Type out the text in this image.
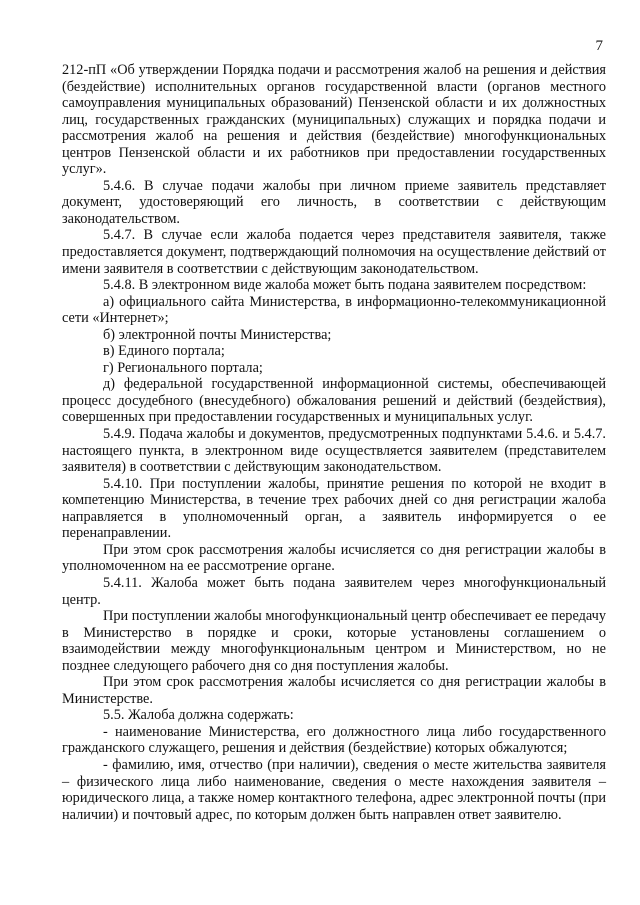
7

212-пП «Об утверждении Порядка подачи и рассмотрения жалоб на решения и действия (бездействие) исполнительных органов государственной власти (органов местного самоуправления муниципальных образований) Пензенской области и их должностных лиц, государственных гражданских (муниципальных) служащих и порядка подачи и рассмотрения жалоб на решения и действия (бездействие) многофункциональных центров Пензенской области и их работников при предоставлении государственных услуг».

5.4.6. В случае подачи жалобы при личном приеме заявитель представляет документ, удостоверяющий его личность, в соответствии с действующим законодательством.

5.4.7. В случае если жалоба подается через представителя заявителя, также предоставляется документ, подтверждающий полномочия на осуществление действий от имени заявителя в соответствии с действующим законодательством.

5.4.8. В электронном виде жалоба может быть подана заявителем посредством:

а) официального сайта Министерства, в информационно-телекоммуникационной сети «Интернет»;

б) электронной почты Министерства;

в) Единого портала;

г) Регионального портала;

д) федеральной государственной информационной системы, обеспечивающей процесс досудебного (внесудебного) обжалования решений и действий (бездействия), совершенных при предоставлении государственных и муниципальных услуг.

5.4.9. Подача жалобы и документов, предусмотренных подпунктами 5.4.6. и 5.4.7. настоящего пункта, в электронном виде осуществляется заявителем (представителем заявителя) в соответствии с действующим законодательством.

5.4.10. При поступлении жалобы, принятие решения по которой не входит в компетенцию Министерства, в течение трех рабочих дней со дня регистрации жалоба направляется в уполномоченный орган, а заявитель информируется о ее перенаправлении.

При этом срок рассмотрения жалобы исчисляется со дня регистрации жалобы в уполномоченном на ее рассмотрение органе.

5.4.11. Жалоба может быть подана заявителем через многофункциональный центр.

При поступлении жалобы многофункциональный центр обеспечивает ее передачу в Министерство в порядке и сроки, которые установлены соглашением о взаимодействии между многофункциональным центром и Министерством, но не позднее следующего рабочего дня со дня поступления жалобы.

При этом срок рассмотрения жалобы исчисляется со дня регистрации жалобы в Министерстве.

5.5. Жалоба должна содержать:

- наименование Министерства, его должностного лица либо государственного гражданского служащего, решения и действия (бездействие) которых обжалуются;

- фамилию, имя, отчество (при наличии), сведения о месте жительства заявителя – физического лица либо наименование, сведения о месте нахождения заявителя – юридического лица, а также номер контактного телефона, адрес электронной почты (при наличии) и почтовый адрес, по которым должен быть направлен ответ заявителю.
